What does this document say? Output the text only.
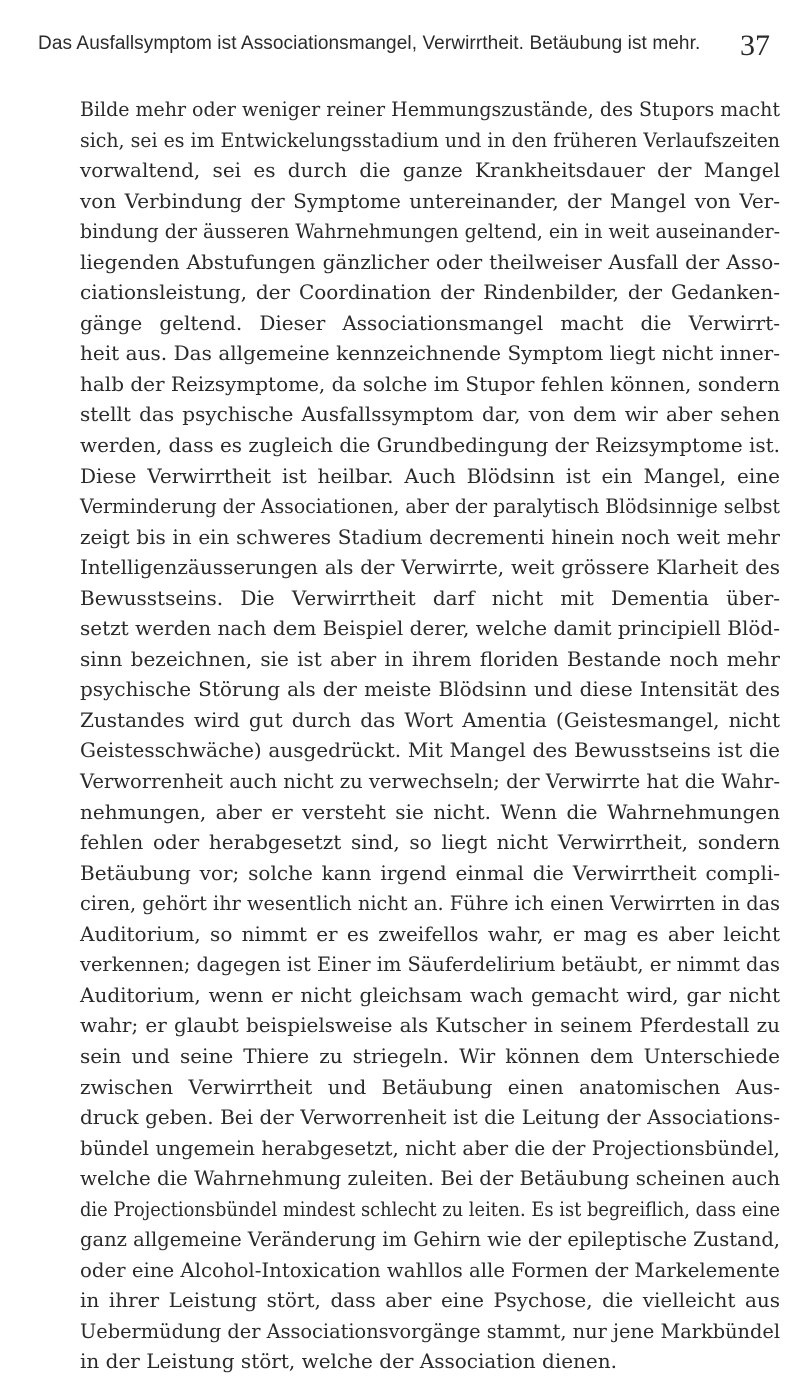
Das Ausfallsymptom ist Associationsmangel, Verwirrtheit. Betäubung ist mehr. 37
Bilde mehr oder weniger reiner Hemmungszustände, des Stupors macht
sich, sei es im Entwickelungsstadium und in den früheren Verlaufszeiten
vorwaltend, sei es durch die ganze Krankheitsdauer der Mangel
von Verbindung der Symptome untereinander, der Mangel von Ver-
bindung der äusseren Wahrnehmungen geltend, ein in weit auseinander-
liegenden Abstufungen gänzlicher oder theilweiser Ausfall der Asso-
ciationsleistung, der Coordination der Rindenbilder, der Gedanken-
gänge geltend. Dieser Associationsmangel macht die Verwirrt-
heit aus. Das allgemeine kennzeichnende Symptom liegt nicht inner-
halb der Reizsymptome, da solche im Stupor fehlen können, sondern
stellt das psychische Ausfallssymptom dar, von dem wir aber sehen
werden, dass es zugleich die Grundbedingung der Reizsymptome ist.
Diese Verwirrtheit ist heilbar. Auch Blödsinn ist ein Mangel, eine
Verminderung der Associationen, aber der paralytisch Blödsinnige selbst
zeigt bis in ein schweres Stadium decrementi hinein noch weit mehr
Intelligenzäusserungen als der Verwirrte, weit grössere Klarheit des
Bewusstseins. Die Verwirrtheit darf nicht mit Dementia über-
setzt werden nach dem Beispiel derer, welche damit principiell Blöd-
sinn bezeichnen, sie ist aber in ihrem floriden Bestande noch mehr
psychische Störung als der meiste Blödsinn und diese Intensität des
Zustandes wird gut durch das Wort Amentia (Geistesmangel, nicht
Geistesschwäche) ausgedrückt. Mit Mangel des Bewusstseins ist die
Verworrenheit auch nicht zu verwechseln; der Verwirrte hat die Wahr-
nehmungen, aber er versteht sie nicht. Wenn die Wahrnehmungen
fehlen oder herabgesetzt sind, so liegt nicht Verwirrtheit, sondern
Betäubung vor; solche kann irgend einmal die Verwirrtheit compli-
ciren, gehört ihr wesentlich nicht an. Führe ich einen Verwirrten in das
Auditorium, so nimmt er es zweifellos wahr, er mag es aber leicht
verkennen; dagegen ist Einer im Säuferdelirium betäubt, er nimmt das
Auditorium, wenn er nicht gleichsam wach gemacht wird, gar nicht
wahr; er glaubt beispielsweise als Kutscher in seinem Pferdestall zu
sein und seine Thiere zu striegeln. Wir können dem Unterschiede
zwischen Verwirrtheit und Betäubung einen anatomischen Aus-
druck geben. Bei der Verworrenheit ist die Leitung der Associations-
bündel ungemein herabgesetzt, nicht aber die der Projectionsbündel,
welche die Wahrnehmung zuleiten. Bei der Betäubung scheinen auch
die Projectionsbündel mindest schlecht zu leiten. Es ist begreiflich, dass eine
ganz allgemeine Veränderung im Gehirn wie der epileptische Zustand,
oder eine Alcohol-Intoxication wahllos alle Formen der Markelemente
in ihrer Leistung stört, dass aber eine Psychose, die vielleicht aus
Uebermüdung der Associationsvorgänge stammt, nur jene Markbündel
in der Leistung stört, welche der Association dienen.
